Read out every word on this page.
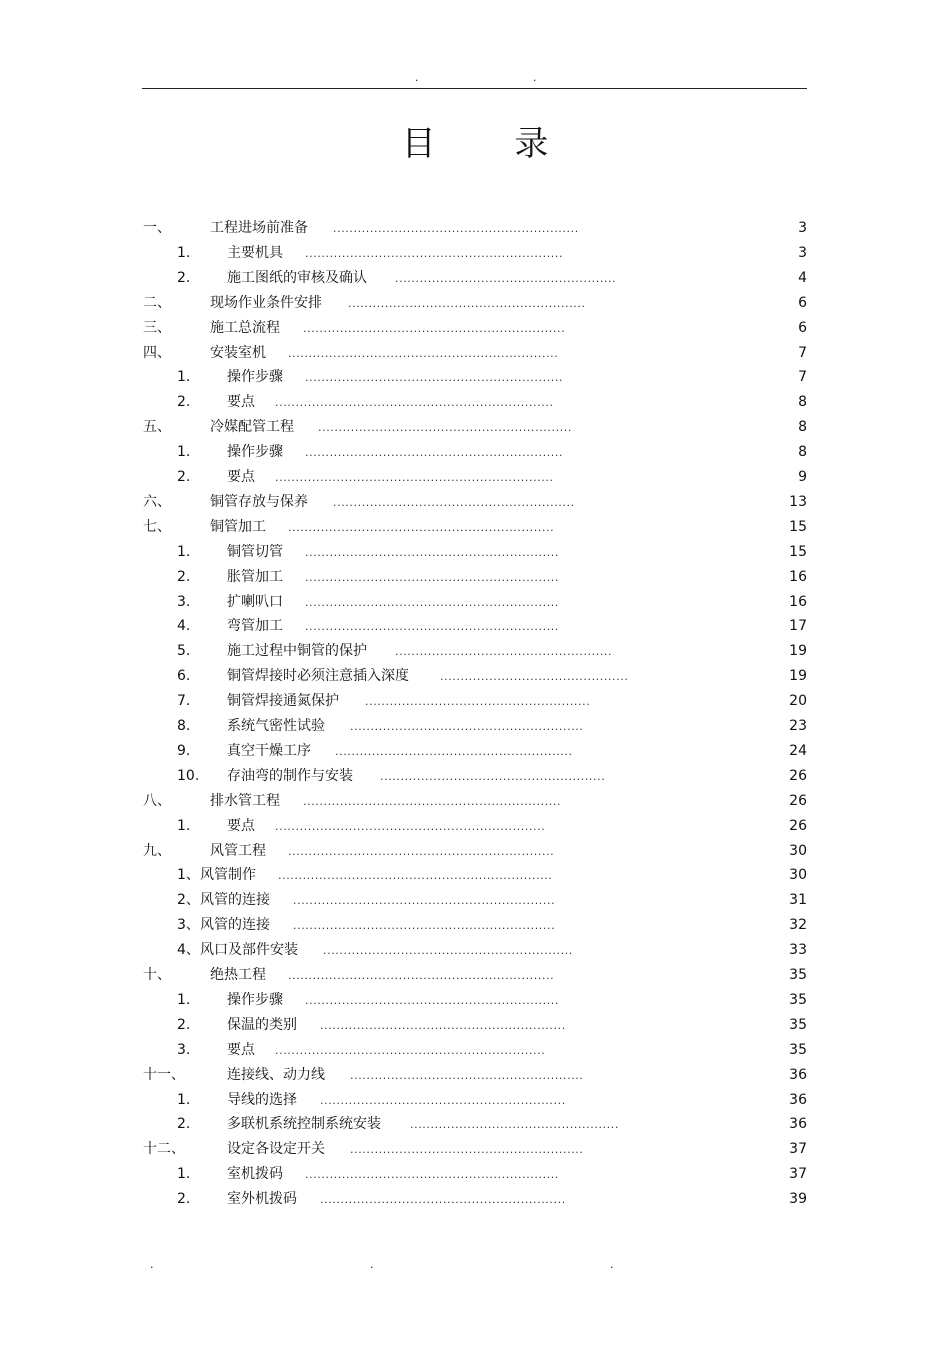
.	.
目 录
一、	工程进场前准备 ............................................................	3
1.	主要机具 ...............................................................	3
2.	施工图纸的审核及确认	......................................................	4
二、	现场作业条件安排 ..........................................................	6
三、	施工总流程 ................................................................	6
四、	安装室机 ..................................................................	7
1.	操作步骤 ...............................................................	7
2.	要点 ....................................................................	8
五、	冷媒配管工程 ..............................................................	8
1.	操作步骤 ...............................................................	8
2.	要点 ....................................................................	9
六、	铜管存放与保养 ...........................................................	13
七、	铜管加工 .................................................................	15
1.	铜管切管 ..............................................................	15
2.	胀管加工 ..............................................................	16
3.	扩喇叭口 ..............................................................	16
4.	弯管加工 ..............................................................	17
5.	施工过程中铜管的保护	.....................................................	19
6.	铜管焊接时必须注意插入深度	..............................................	19
7.	铜管焊接通氮保护 .......................................................	20
8.	系统气密性试验 .........................................................	23
9.	真空干燥工序 ..........................................................	24
10. 存油弯的制作与安装 .......................................................	26
八、	排水管工程 ...............................................................	26
1.	要点 ..................................................................	26
九、	风管工程 .................................................................	30
1、 风管制作 ...................................................................	30
2、 风管的连接 ................................................................	31
3、 风管的连接 ................................................................	32
4、 风口及部件安装 .............................................................	33
十、	绝热工程 .................................................................	35
1.	操作步骤 ..............................................................	35
2.	保温的类别 ............................................................	35
3.	要点 ..................................................................	35
十一、	连接线、动力线 .........................................................	36
1.	导线的选择 ............................................................	36
2.	多联机系统控制系统安装	...................................................	36
十二、	设定各设定开关 .........................................................	37
1.	室机拨码 ..............................................................	37
2.	室外机拨码 ............................................................	39
.	.	.
